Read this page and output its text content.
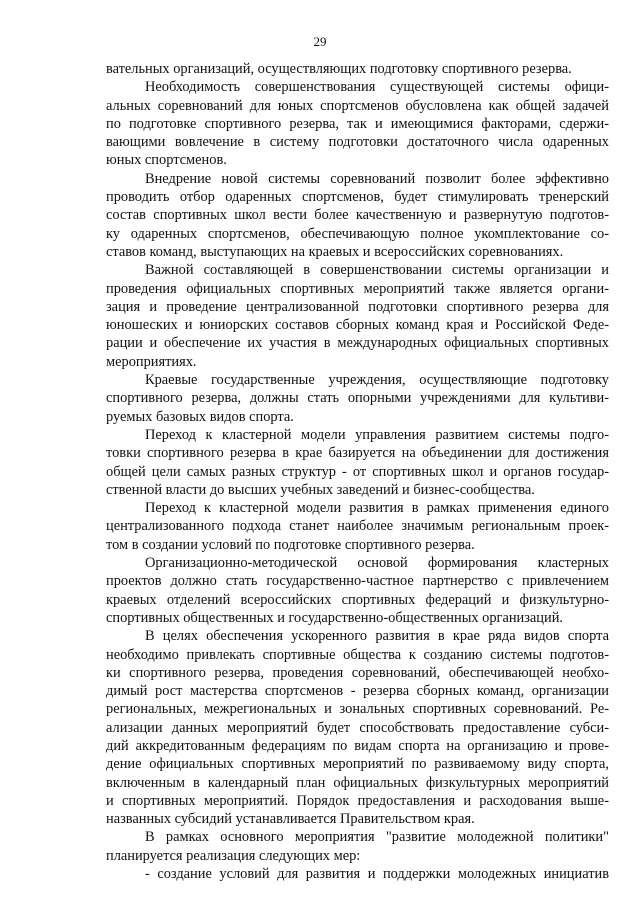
29
вательных организаций, осуществляющих подготовку спортивного резерва.
Необходимость совершенствования существующей системы офици-
альных соревнований для юных спортсменов обусловлена как общей задачей
по подготовке спортивного резерва, так и имеющимися факторами, сдержи-
вающими вовлечение в систему подготовки достаточного числа одаренных
юных спортсменов.
Внедрение новой системы соревнований позволит более эффективно
проводить отбор одаренных спортсменов, будет стимулировать тренерский
состав спортивных школ вести более качественную и развернутую подготов-
ку одаренных спортсменов, обеспечивающую полное укомплектование со-
ставов команд, выступающих на краевых и всероссийских соревнованиях.
Важной составляющей в совершенствовании системы организации и
проведения официальных спортивных мероприятий также является органи-
зация и проведение централизованной подготовки спортивного резерва для
юношеских и юниорских составов сборных команд края и Российской Феде-
рации и обеспечение их участия в международных официальных спортивных
мероприятиях.
Краевые государственные учреждения, осуществляющие подготовку
спортивного резерва, должны стать опорными учреждениями для культиви-
руемых базовых видов спорта.
Переход к кластерной модели управления развитием системы подго-
товки спортивного резерва в крае базируется на объединении для достижения
общей цели самых разных структур - от спортивных школ и органов государ-
ственной власти до высших учебных заведений и бизнес-сообщества.
Переход к кластерной модели развития в рамках применения единого
централизованного подхода станет наиболее значимым региональным проек-
том в создании условий по подготовке спортивного резерва.
Организационно-методической основой формирования кластерных
проектов должно стать государственно-частное партнерство с привлечением
краевых отделений всероссийских спортивных федераций и физкультурно-
спортивных общественных и государственно-общественных организаций.
В целях обеспечения ускоренного развития в крае ряда видов спорта
необходимо привлекать спортивные общества к созданию системы подготов-
ки спортивного резерва, проведения соревнований, обеспечивающей необхо-
димый рост мастерства спортсменов - резерва сборных команд, организации
региональных, межрегиональных и зональных спортивных соревнований. Ре-
ализации данных мероприятий будет способствовать предоставление субси-
дий аккредитованным федерациям по видам спорта на организацию и прове-
дение официальных спортивных мероприятий по развиваемому виду спорта,
включенным в календарный план официальных физкультурных мероприятий
и спортивных мероприятий. Порядок предоставления и расходования выше-
названных субсидий устанавливается Правительством края.
В рамках основного мероприятия "развитие молодежной политики"
планируется реализация следующих мер:
- создание условий для развития и поддержки молодежных инициатив
